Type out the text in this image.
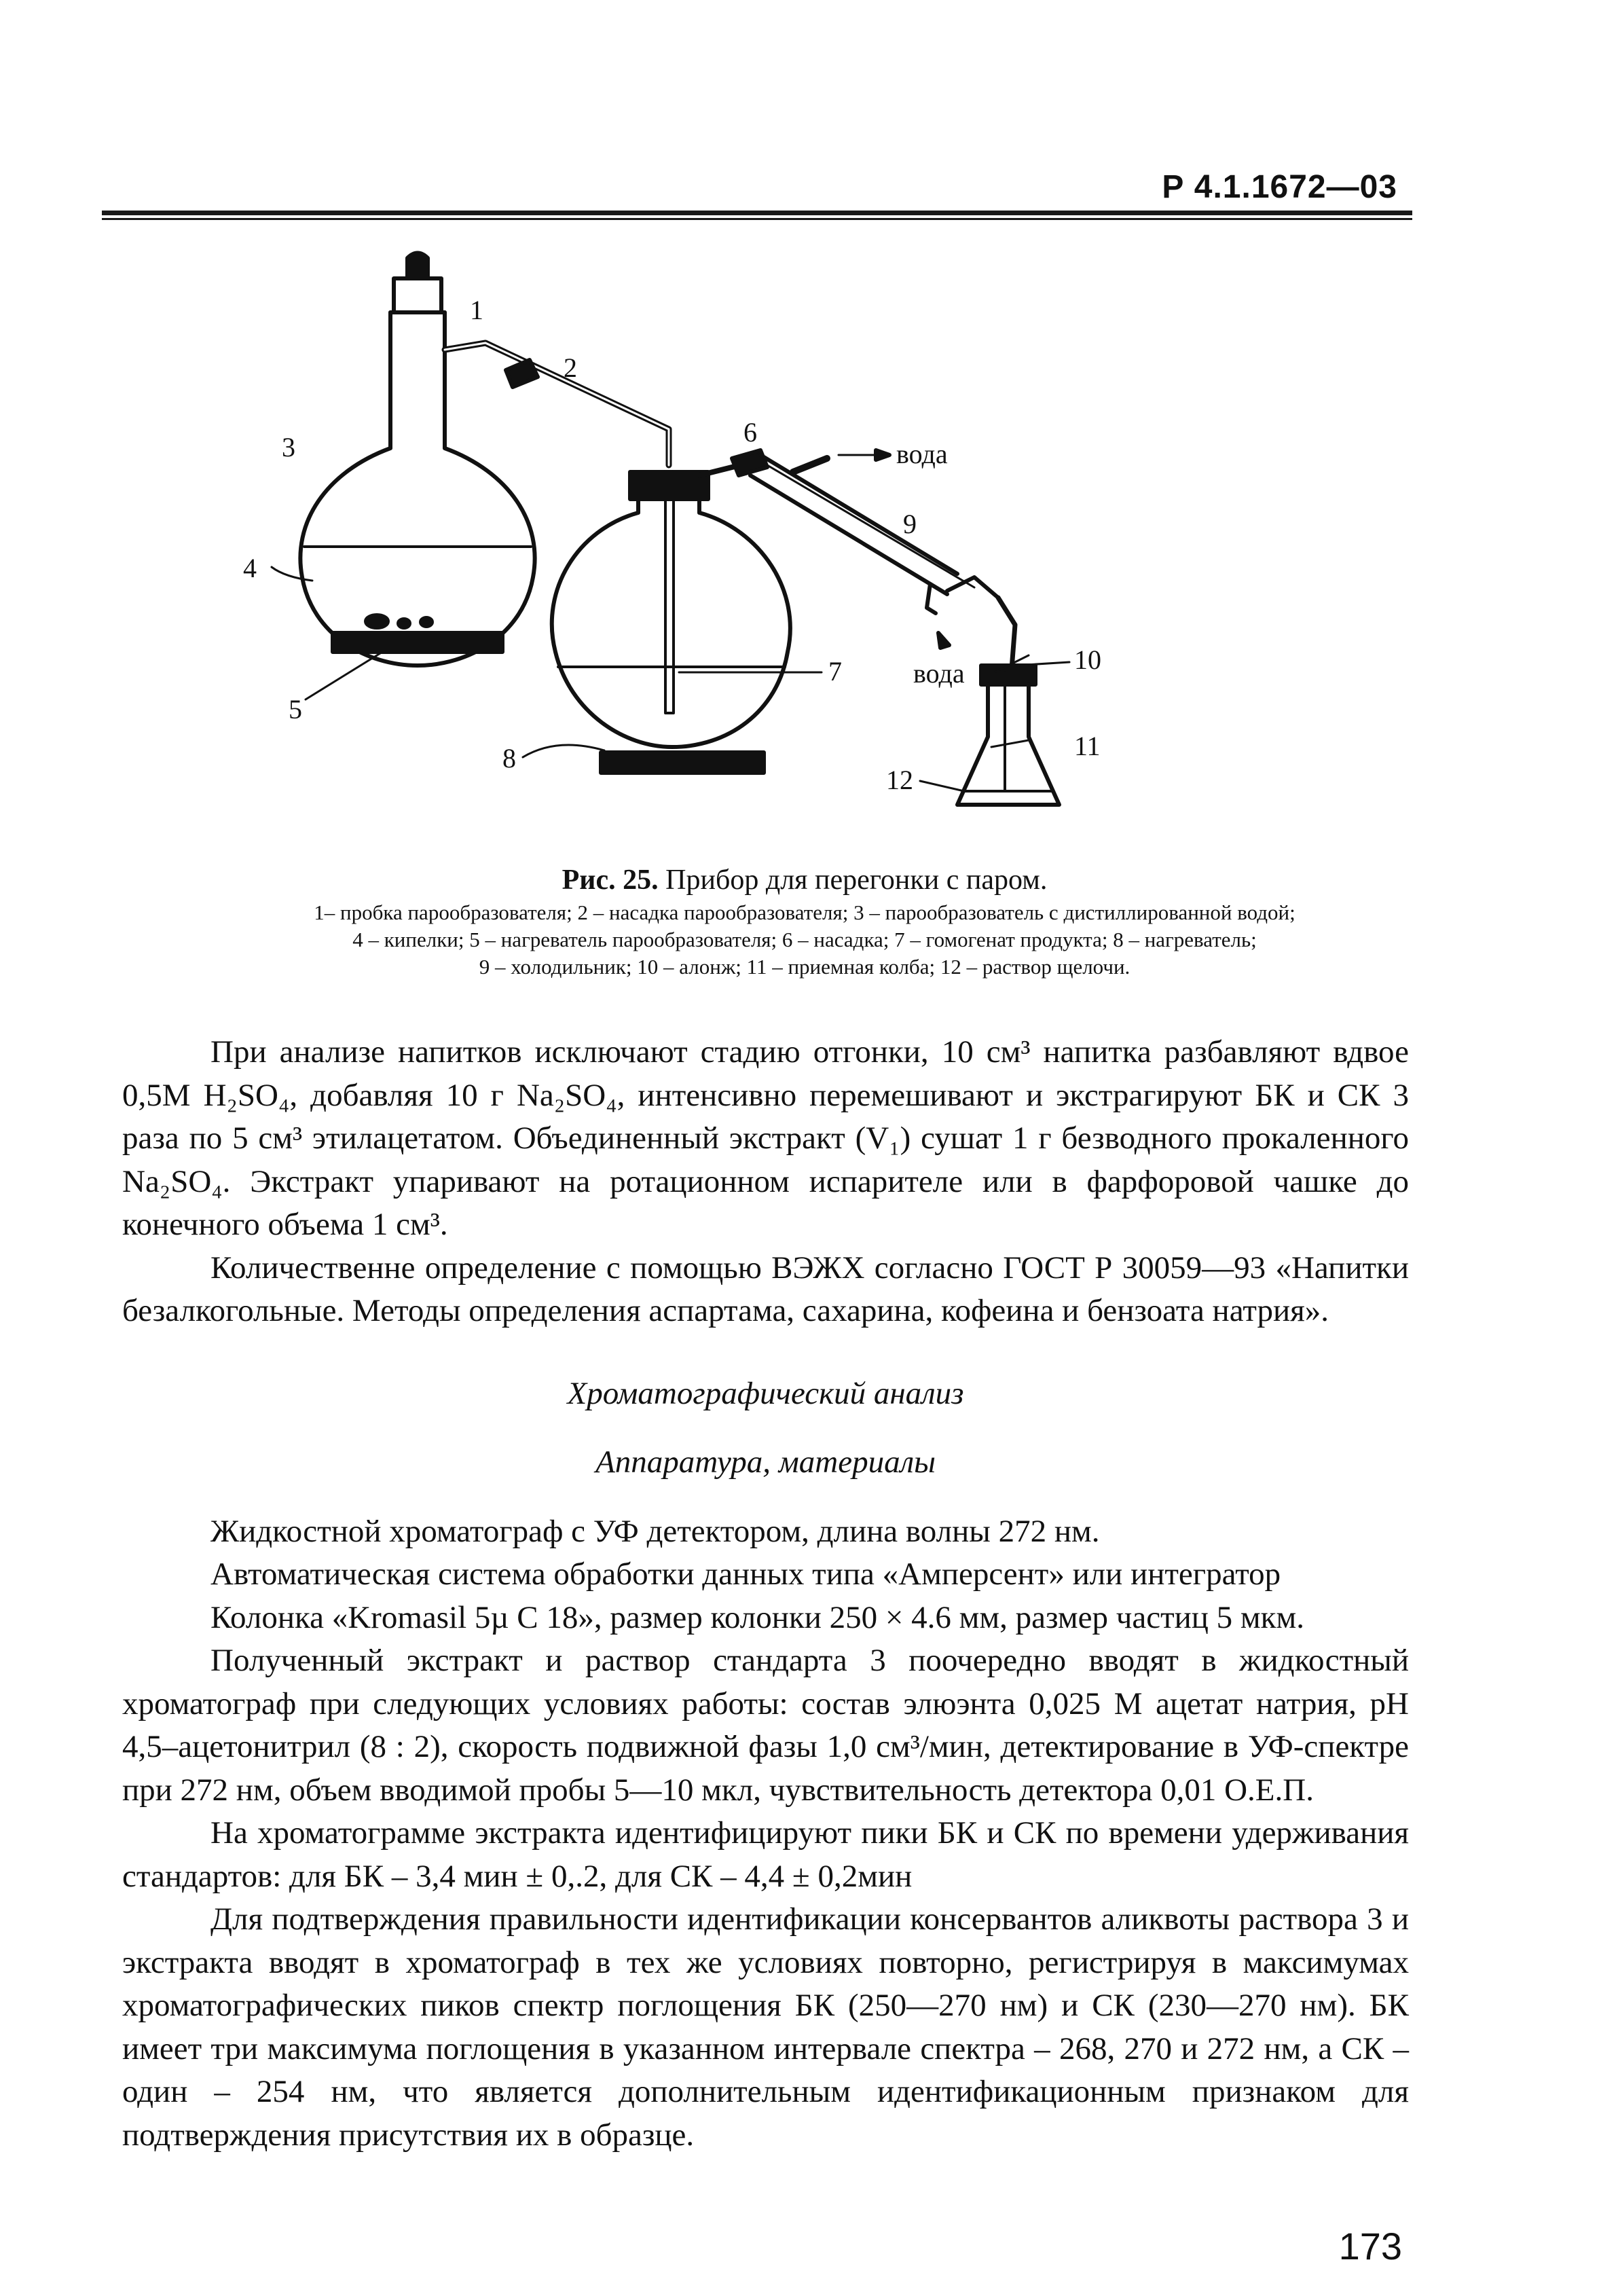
Р 4.1.1672—03
1
2
3
4
5
6
7
8
9
10
11
12
вода
вода
Рис. 25. Прибор для перегонки с паром.
1– пробка парообразователя; 2 – насадка парообразователя; 3 – парообразователь с дистиллированной водой;
4 – кипелки; 5 – нагреватель парообразователя; 6 – насадка; 7 – гомогенат продукта; 8 – нагреватель;
9 – холодильник; 10 – алонж; 11 – приемная колба; 12 – раствор щелочи.

При анализе напитков исключают стадию отгонки, 10 см³ напитка разбавляют вдвое 0,5М H₂SO₄, добавляя 10 г Na₂SO₄, интенсивно перемешивают и экстрагируют БК и СК 3 раза по 5 см³ этилацетатом. Объединенный экстракт (V₁) сушат 1 г безводного прокаленного Na₂SO₄. Экстракт упаривают на ротационном испарителе или в фарфоровой чашке до конечного объема 1 см³.

Количественне определение с помощью ВЭЖХ согласно ГОСТ Р 30059—93 «Напитки безалкогольные. Методы определения аспартама, сахарина, кофеина и бензоата натрия».

Хроматографический анализ

Аппаратура, материалы

Жидкостной хроматограф с УФ детектором, длина волны 272 нм.

Автоматическая система обработки данных типа «Амперсент» или интегратор

Колонка «Kromasil 5µ С 18», размер колонки 250 × 4.6 мм, размер частиц 5 мкм.

Полученный экстракт и раствор стандарта 3 поочередно вводят в жидкостный хроматограф при следующих условиях работы: состав элюэнта 0,025 М ацетат натрия, pH 4,5–ацетонитрил (8 : 2), скорость подвижной фазы 1,0 см³/мин, детектирование в УФ-спектре при 272 нм, объем вводимой пробы 5—10 мкл, чувствительность детектора 0,01 О.Е.П.

На хроматограмме экстракта идентифицируют пики БК и СК по времени удерживания стандартов: для БК – 3,4 мин ± 0,.2, для СК – 4,4 ± 0,2мин

Для подтверждения правильности идентификации консервантов аликвоты раствора 3 и экстракта вводят в хроматограф в тех же условиях повторно, регистрируя в максимумах хроматографических пиков спектр поглощения БК (250—270 нм) и СК (230—270 нм). БК имеет три максимума поглощения в указанном интервале спектра – 268, 270 и 272 нм, а СК – один – 254 нм, что является дополнительным идентификационным признаком для подтверждения присутствия их в образце.

173
